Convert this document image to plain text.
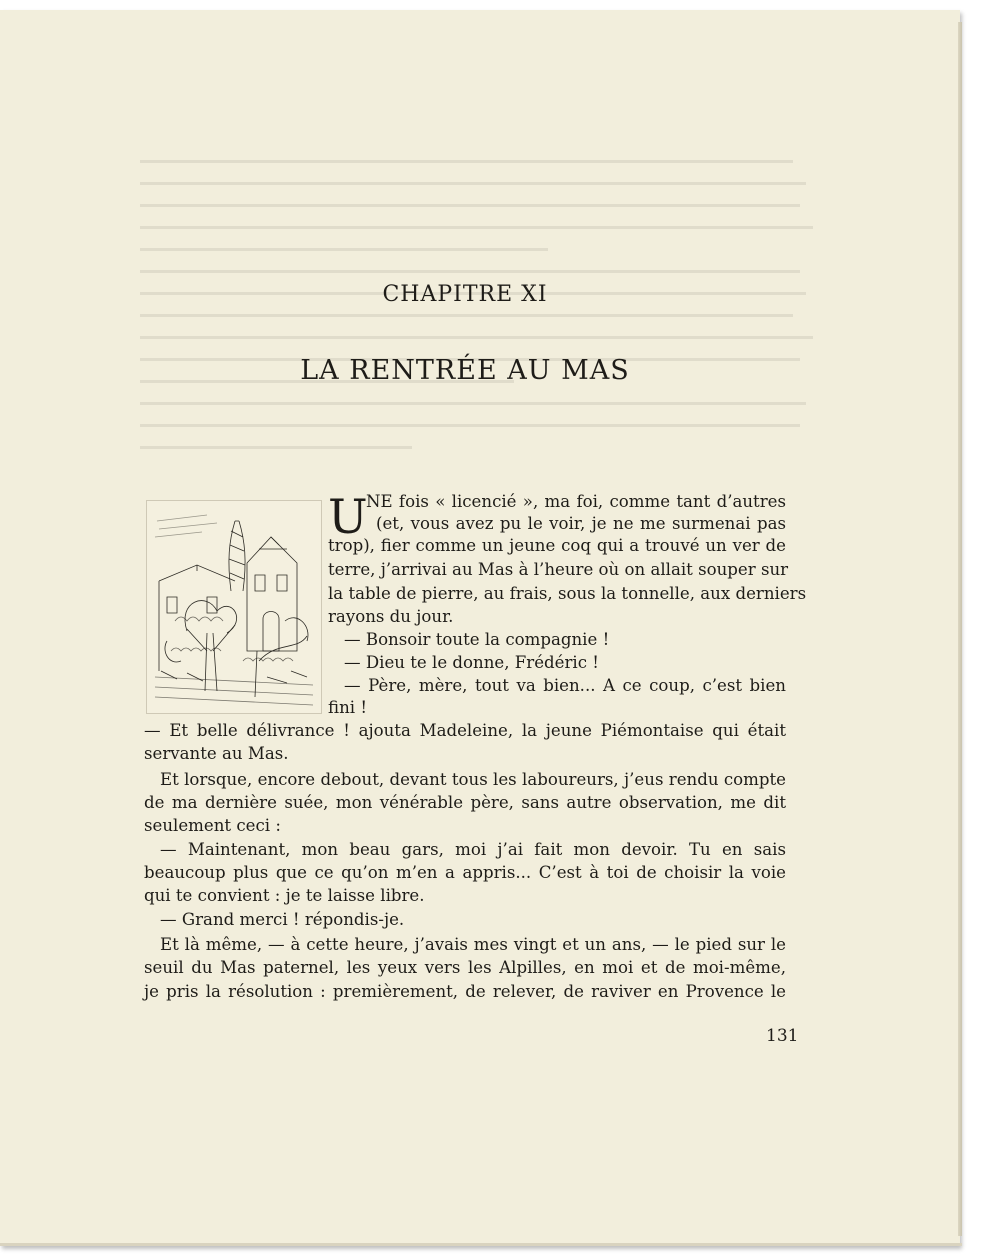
CHAPITRE XI
LA RENTRÉE AU MAS
U
NE fois « licencié », ma foi, comme tant d’autres
(et, vous avez pu le voir, je ne me surmenai pas
trop), fier comme un jeune coq qui a trouvé un ver de
terre, j’arrivai au Mas à l’heure où on allait souper sur
la table de pierre, au frais, sous la tonnelle, aux derniers
rayons du jour.
— Bonsoir toute la compagnie !
— Dieu te le donne, Frédéric !
— Père, mère, tout va bien... A ce coup, c’est bien
fini !
— Et belle délivrance ! ajouta Madeleine, la jeune Piémontaise qui était
servante au Mas.
Et lorsque, encore debout, devant tous les laboureurs, j’eus rendu compte
de ma dernière suée, mon vénérable père, sans autre observation, me dit
seulement ceci :
— Maintenant, mon beau gars, moi j’ai fait mon devoir. Tu en sais
beaucoup plus que ce qu’on m’en a appris... C’est à toi de choisir la voie
qui te convient : je te laisse libre.
— Grand merci ! répondis-je.
Et là même, — à cette heure, j’avais mes vingt et un ans, — le pied sur le
seuil du Mas paternel, les yeux vers les Alpilles, en moi et de moi-même,
je pris la résolution : premièrement, de relever, de raviver en Provence le
131
